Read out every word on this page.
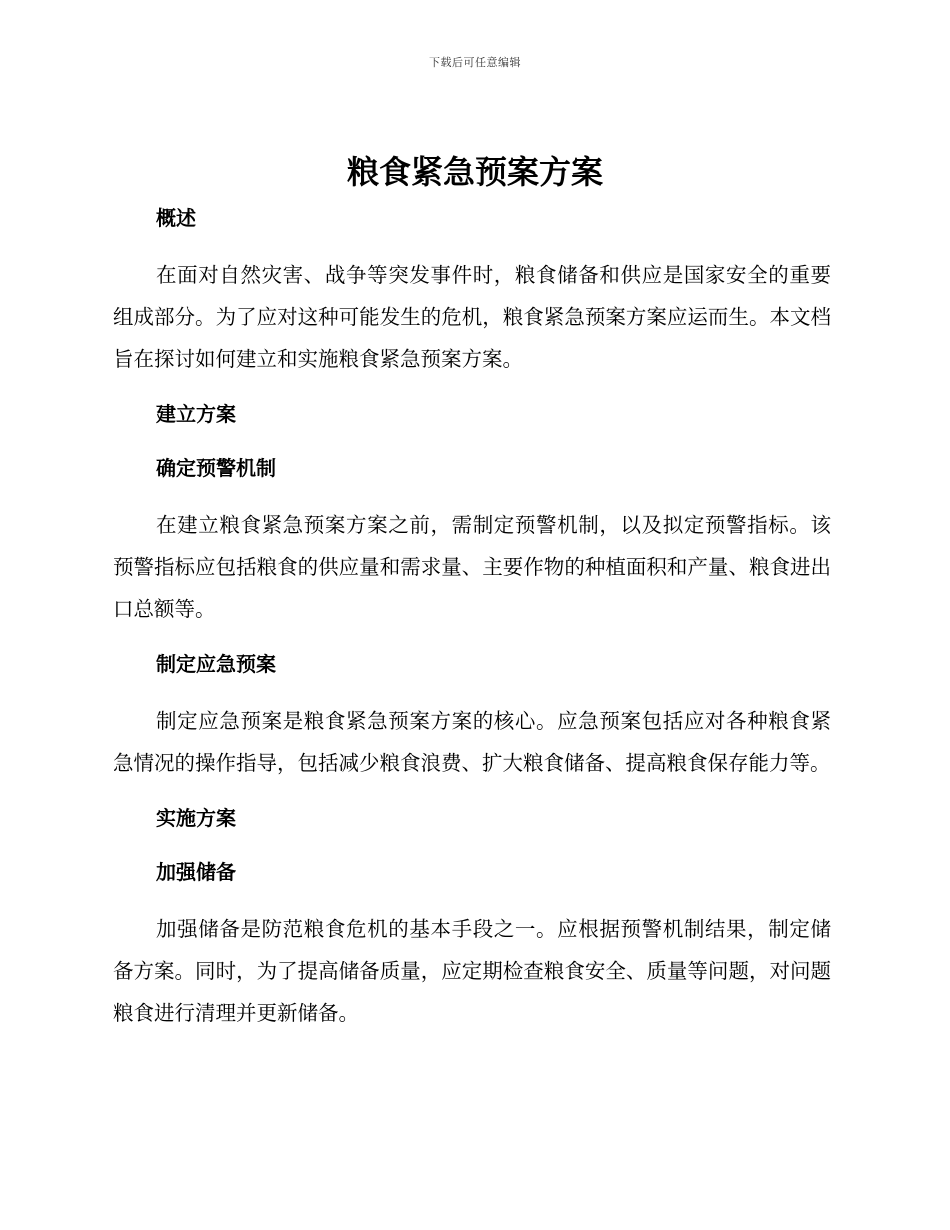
下载后可任意编辑
粮食紧急预案方案
概述

在面对自然灾害、战争等突发事件时，粮食储备和供应是国家安全的重要组成部分。为了应对这种可能发生的危机，粮食紧急预案方案应运而生。本文档旨在探讨如何建立和实施粮食紧急预案方案。

建立方案
确定预警机制

在建立粮食紧急预案方案之前，需制定预警机制，以及拟定预警指标。该预警指标应包括粮食的供应量和需求量、主要作物的种植面积和产量、粮食进出口总额等。

制定应急预案

制定应急预案是粮食紧急预案方案的核心。应急预案包括应对各种粮食紧急情况的操作指导，包括减少粮食浪费、扩大粮食储备、提高粮食保存能力等。

实施方案
加强储备

加强储备是防范粮食危机的基本手段之一。应根据预警机制结果，制定储备方案。同时，为了提高储备质量，应定期检查粮食安全、质量等问题，对问题粮食进行清理并更新储备。
